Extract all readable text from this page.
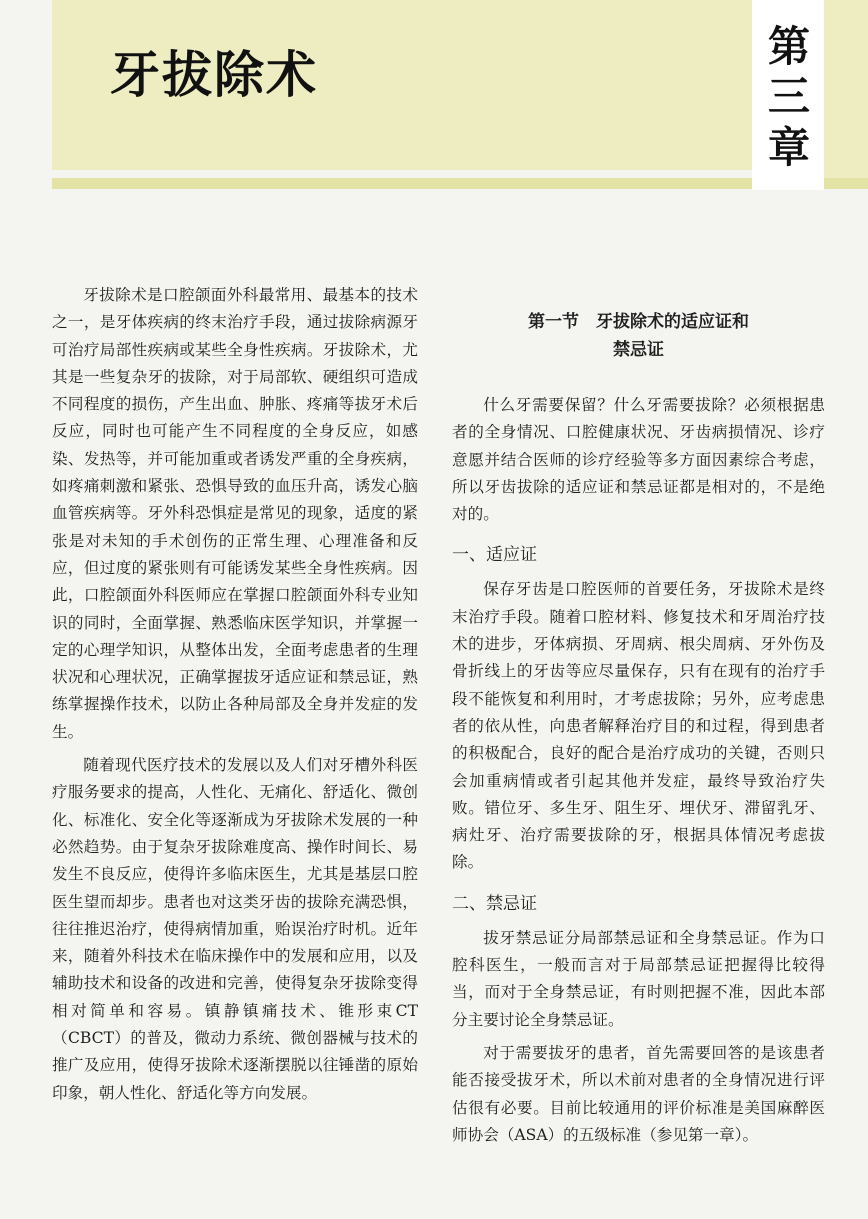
牙拔除术	第
三
章

牙拔除术是口腔颌面外科最常用、最基本的技术之一，是牙体疾病的终末治疗手段，通过拔除病源牙可治疗局部性疾病或某些全身性疾病。牙拔除术，尤其是一些复杂牙的拔除，对于局部软、硬组织可造成不同程度的损伤，产生出血、肿胀、疼痛等拔牙术后反应，同时也可能产生不同程度的全身反应，如感染、发热等，并可能加重或者诱发严重的全身疾病，如疼痛刺激和紧张、恐惧导致的血压升高，诱发心脑血管疾病等。牙外科恐惧症是常见的现象，适度的紧张是对未知的手术创伤的正常生理、心理准备和反应，但过度的紧张则有可能诱发某些全身性疾病。因此，口腔颌面外科医师应在掌握口腔颌面外科专业知识的同时，全面掌握、熟悉临床医学知识，并掌握一定的心理学知识，从整体出发，全面考虑患者的生理状况和心理状况，正确掌握拔牙适应证和禁忌证，熟练掌握操作技术，以防止各种局部及全身并发症的发生。

随着现代医疗技术的发展以及人们对牙槽外科医疗服务要求的提高，人性化、无痛化、舒适化、微创化、标准化、安全化等逐渐成为牙拔除术发展的一种必然趋势。由于复杂牙拔除难度高、操作时间长、易发生不良反应，使得许多临床医生，尤其是基层口腔医生望而却步。患者也对这类牙齿的拔除充满恐惧，往往推迟治疗，使得病情加重，贻误治疗时机。近年来，随着外科技术在临床操作中的发展和应用，以及辅助技术和设备的改进和完善，使得复杂牙拔除变得相对简单和容易。镇静镇痛技术、锥形束CT（CBCT）的普及，微动力系统、微创器械与技术的推广及应用，使得牙拔除术逐渐摆脱以往锤凿的原始印象，朝人性化、舒适化等方向发展。

第一节　牙拔除术的适应证和
禁忌证

什么牙需要保留？什么牙需要拔除？必须根据患者的全身情况、口腔健康状况、牙齿病损情况、诊疗意愿并结合医师的诊疗经验等多方面因素综合考虑，所以牙齿拔除的适应证和禁忌证都是相对的，不是绝对的。

一、适应证

保存牙齿是口腔医师的首要任务，牙拔除术是终末治疗手段。随着口腔材料、修复技术和牙周治疗技术的进步，牙体病损、牙周病、根尖周病、牙外伤及骨折线上的牙齿等应尽量保存，只有在现有的治疗手段不能恢复和利用时，才考虑拔除；另外，应考虑患者的依从性，向患者解释治疗目的和过程，得到患者的积极配合，良好的配合是治疗成功的关键，否则只会加重病情或者引起其他并发症，最终导致治疗失败。错位牙、多生牙、阻生牙、埋伏牙、滞留乳牙、病灶牙、治疗需要拔除的牙，根据具体情况考虑拔除。

二、禁忌证

拔牙禁忌证分局部禁忌证和全身禁忌证。作为口腔科医生，一般而言对于局部禁忌证把握得比较得当，而对于全身禁忌证，有时则把握不准，因此本部分主要讨论全身禁忌证。

对于需要拔牙的患者，首先需要回答的是该患者能否接受拔牙术，所以术前对患者的全身情况进行评估很有必要。目前比较通用的评价标准是美国麻醉医师协会（ASA）的五级标准（参见第一章）。
